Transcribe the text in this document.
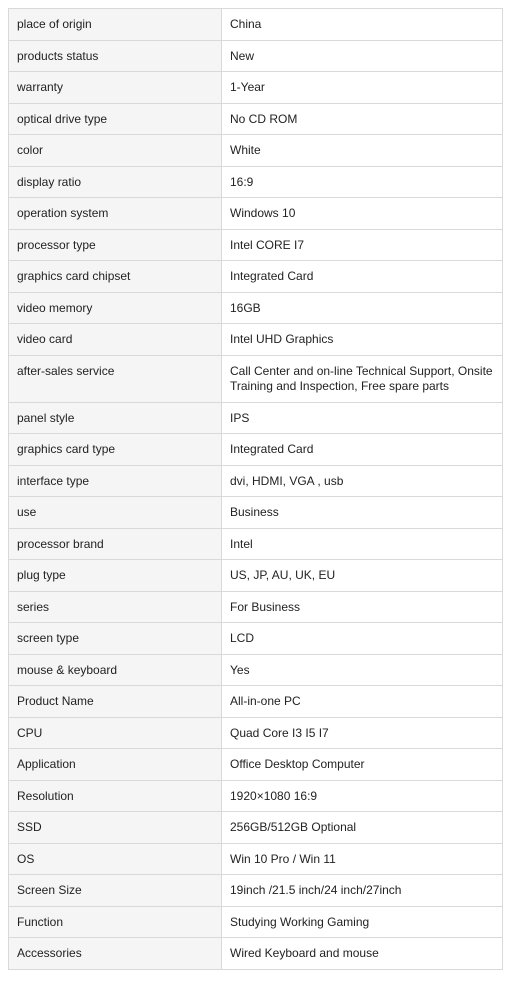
place of origin	China
products status	New
warranty	1-Year
optical drive type	No CD ROM
color	White
display ratio	16:9
operation system	Windows 10
processor type	Intel CORE I7
graphics card chipset	Integrated Card
video memory	16GB
video card	Intel UHD Graphics
after-sales service	Call Center and on-line Technical Support, Onsite Training and Inspection, Free spare parts
panel style	IPS
graphics card type	Integrated Card
interface type	dvi, HDMI, VGA , usb
use	Business
processor brand	Intel
plug type	US, JP, AU, UK, EU
series	For Business
screen type	LCD
mouse & keyboard	Yes
Product Name	All-in-one PC
CPU	Quad Core I3 I5 I7
Application	Office Desktop Computer
Resolution	1920×1080 16:9
SSD	256GB/512GB Optional
OS	Win 10 Pro / Win 11
Screen Size	19inch /21.5 inch/24 inch/27inch
Function	Studying Working Gaming
Accessories	Wired Keyboard and mouse
